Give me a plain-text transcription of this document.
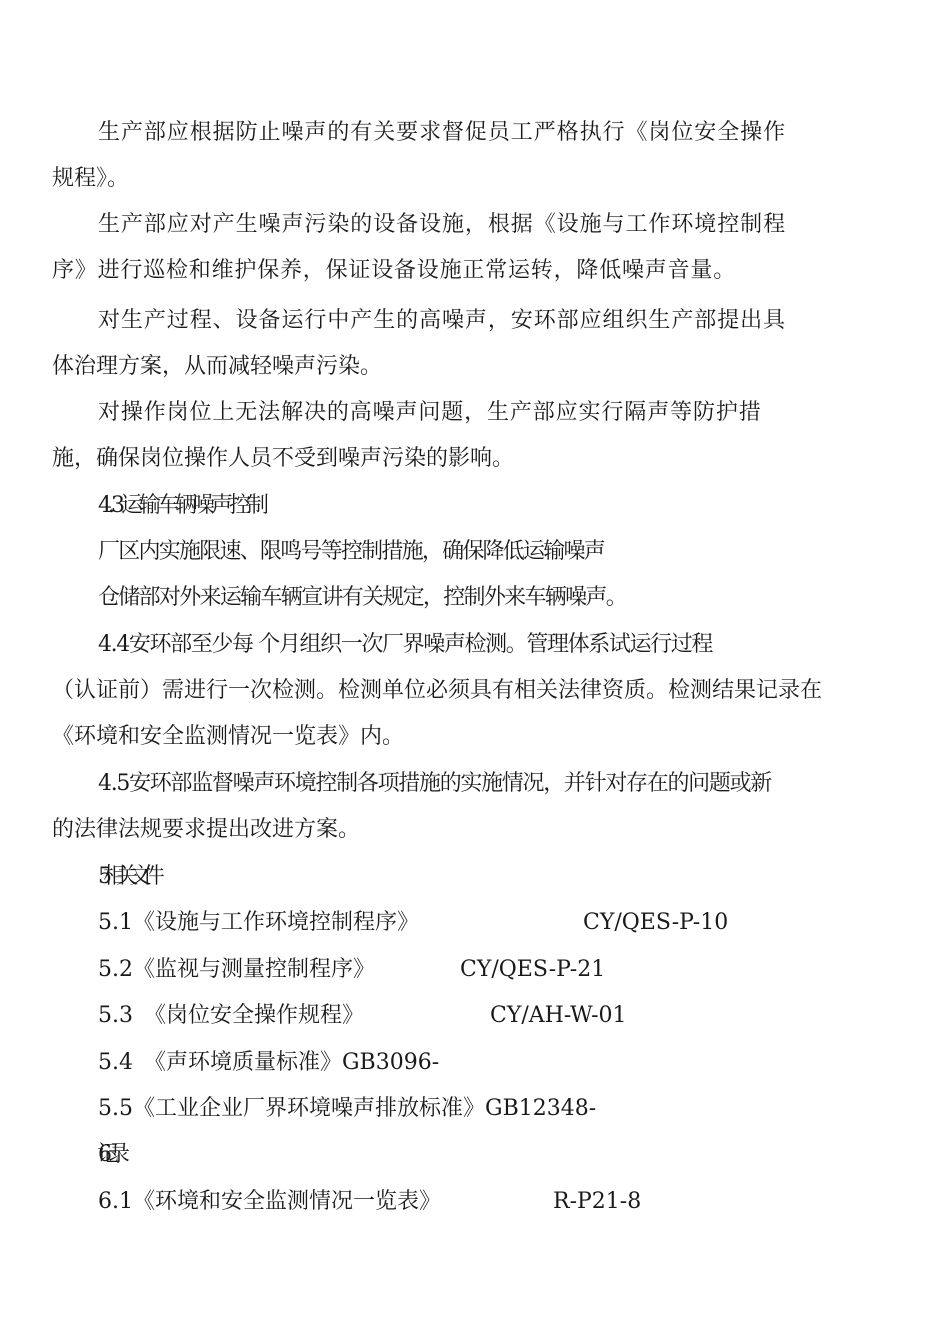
生产部应根据防止噪声的有关要求督促员工严格执行《岗位安全操作
规程》。
生产部应对产生噪声污染的设备设施，根据《设施与工作环境控制程
序》进行巡检和维护保养，保证设备设施正常运转，降低噪声音量。
对生产过程、设备运行中产生的高噪声，安环部应组织生产部提出具
体治理方案，从而减轻噪声污染。
对操作岗位上无法解决的高噪声问题，生产部应实行隔声等防护措
施，确保岗位操作人员不受到噪声污染的影响。
4.3运输车辆噪声控制
厂区内实施限速、限鸣号等控制措施，确保降低运输噪声
仓储部对外来运输车辆宣讲有关规定，控制外来车辆噪声。
4.4安环部至少每 个月组织一次厂界噪声检测。管理体系试运行过程
（认证前）需进行一次检测。检测单位必须具有相关法律资质。检测结果记录在
《环境和安全监测情况一览表》内。
4.5安环部监督噪声环境控制各项措施的实施情况，并针对存在的问题或新
的法律法规要求提出改进方案。
5相关文件
5.1《设施与工作环境控制程序》	CY/QES-P-10
5.2《监视与测量控制程序》	CY/QES-P-21
5.3　《岗位安全操作规程》	CY/AH-W-01
5.4　《声环境质量标准》GB3096-
5.5《工业企业厂界环境噪声排放标准》GB12348-
6 记录
6.1《环境和安全监测情况一览表》	R-P21-8
